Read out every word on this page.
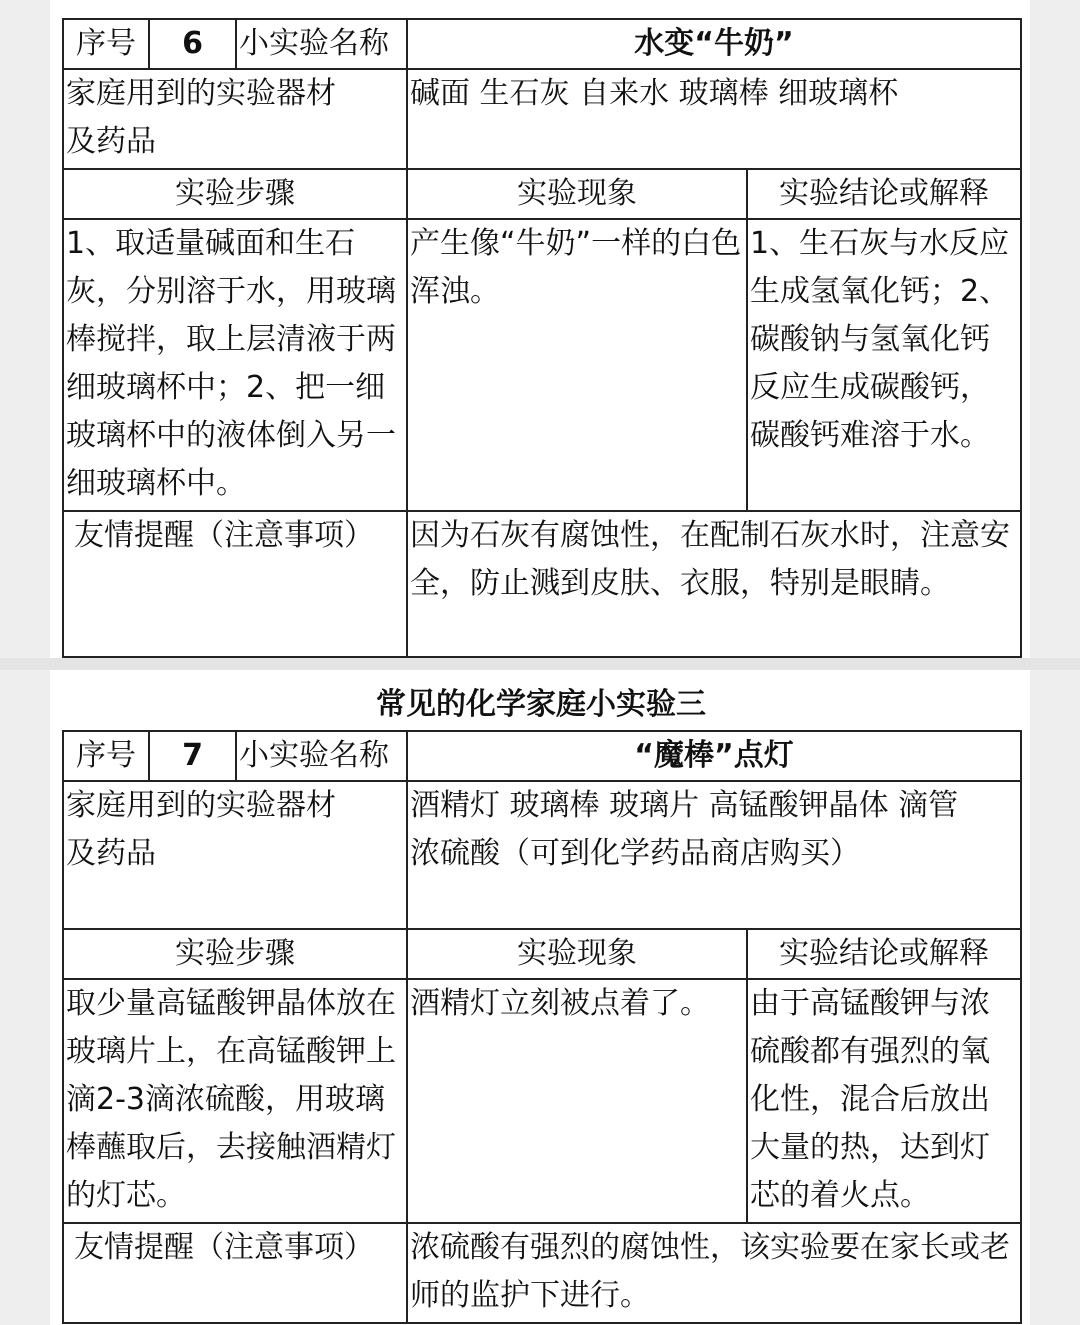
序号	6	小实验名称	水变“牛奶”	
家庭用到的实验器材
及药品			碱面 生石灰 自来水 玻璃棒 细玻璃杯	
实验步骤			实验现象	实验结论或解释
1、取适量碱面和生石灰，分别溶于水，用玻璃棒搅拌，取上层清液于两细玻璃杯中；2、把一细玻璃杯中的液体倒入另一细玻璃杯中。			产生像“牛奶”一样的白色浑浊。	1、生石灰与水反应生成氢氧化钙；2、碳酸钠与氢氧化钙反应生成碳酸钙，碳酸钙难溶于水。
友情提醒（注意事项）			因为石灰有腐蚀性，在配制石灰水时，注意安全，防止溅到皮肤、衣服，特别是眼睛。	
常见的化学家庭小实验三
序号	7	小实验名称	“魔棒”点灯	
家庭用到的实验器材
及药品			酒精灯 玻璃棒 玻璃片 高锰酸钾晶体 滴管
浓硫酸（可到化学药品商店购买）	
实验步骤			实验现象	实验结论或解释
取少量高锰酸钾晶体放在玻璃片上，在高锰酸钾上滴2-3滴浓硫酸，用玻璃棒蘸取后，去接触酒精灯的灯芯。			酒精灯立刻被点着了。	由于高锰酸钾与浓硫酸都有强烈的氧化性，混合后放出大量的热，达到灯芯的着火点。
友情提醒（注意事项）			浓硫酸有强烈的腐蚀性，该实验要在家长或老师的监护下进行。	
